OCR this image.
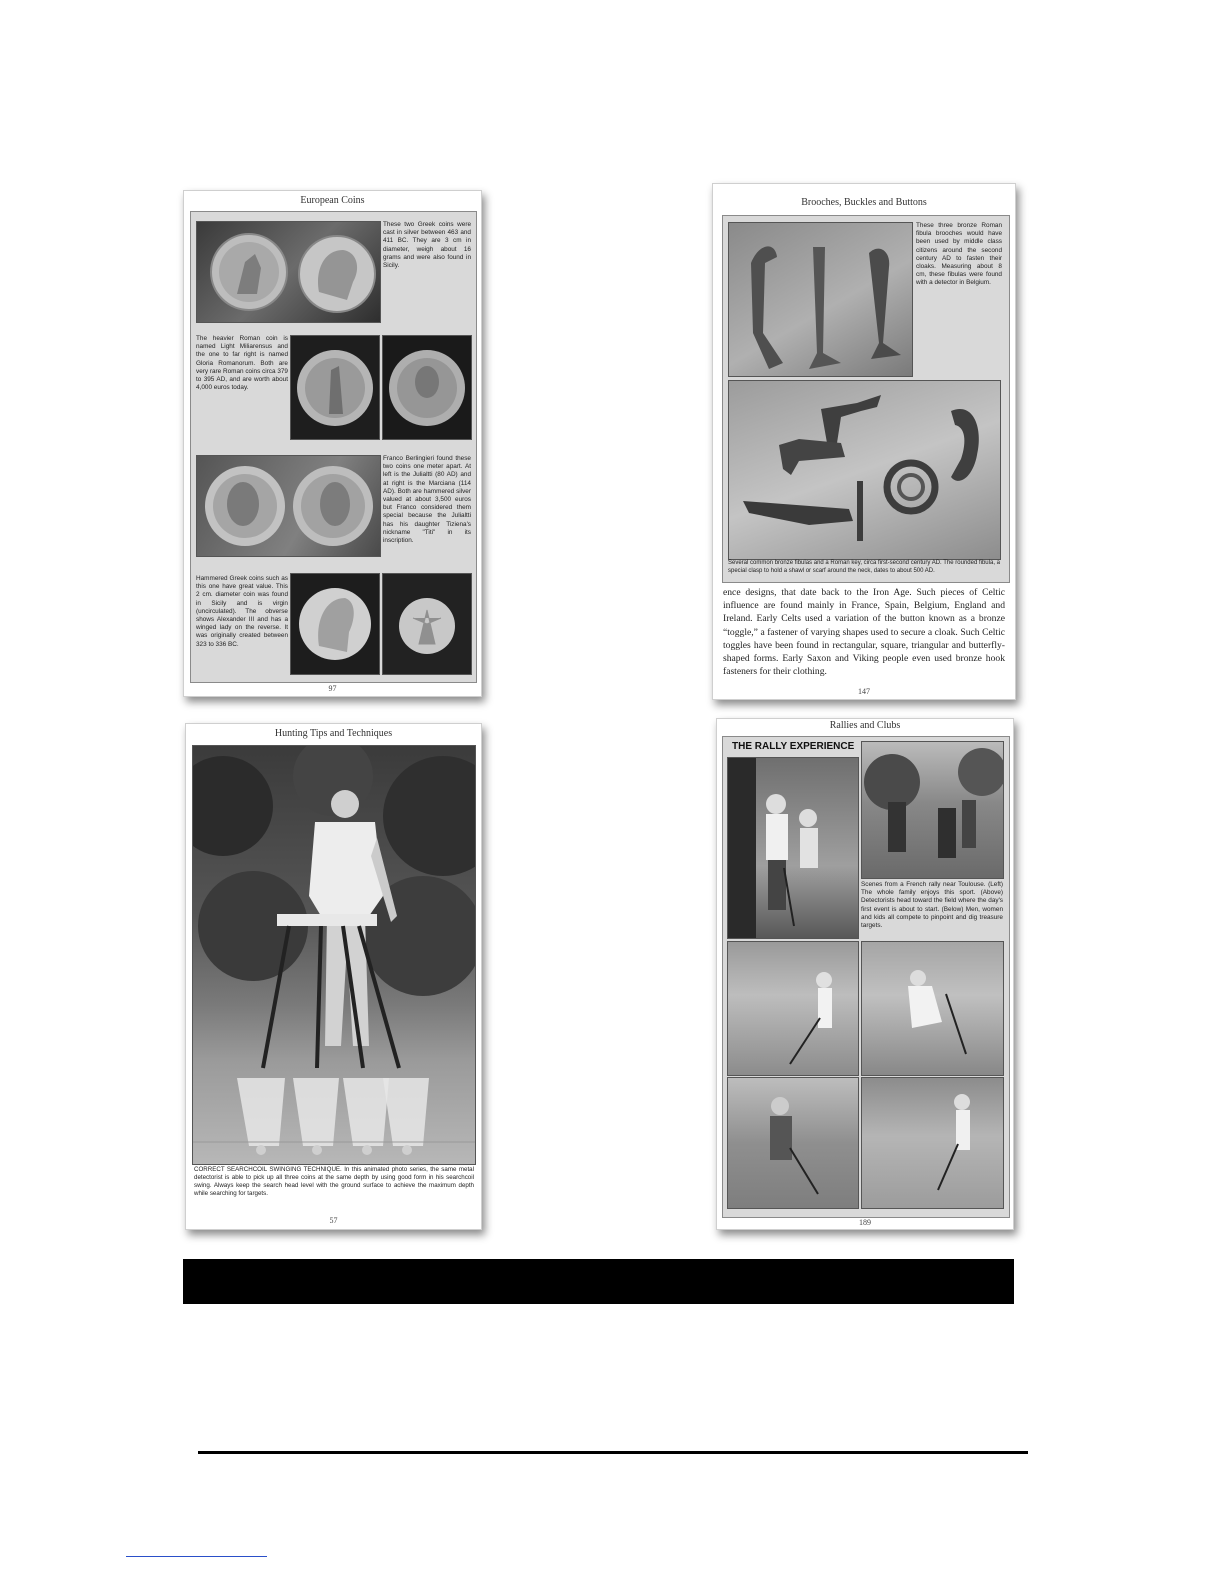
European Coins
These two Greek coins were cast in silver between 463 and 411 BC. They are 3 cm in diameter, weigh about 16 grams and were also found in Sicily.
The heavier Roman coin is named Light Miliarensus and the one to far right is named Gloria Romanorum. Both are very rare Roman coins circa 379 to 395 AD, and are worth about 4,000 euros today.
Franco Berlingieri found these two coins one meter apart. At left is the Julialtti (80 AD) and at right is the Marciana (114 AD). Both are hammered silver valued at about 3,500 euros but Franco considered them special because the Julialtti has his daughter Tiziena's nickname "Titi" in its inscription.
Hammered Greek coins such as this one have great value. This 2 cm. diameter coin was found in Sicily and is virgin (uncirculated). The obverse shows Alexander III and has a winged lady on the reverse. It was originally created between 323 to 336 BC.
97
Brooches, Buckles and Buttons
These three bronze Roman fibula brooches would have been used by middle class citizens around the second century AD to fasten their cloaks. Measuring about 8 cm, these fibulas were found with a detector in Belgium.
Several common bronze fibulas and a Roman key, circa first-second century AD. The rounded fibula, a special clasp to hold a shawl or scarf around the neck, dates to about 500 AD.
ence designs, that date back to the Iron Age. Such pieces of Celtic influence are found mainly in France, Spain, Belgium, England and Ireland. Early Celts used a variation of the button known as a bronze “toggle,” a fastener of varying shapes used to secure a cloak. Such Celtic toggles have been found in rectangular, square, triangular and butterfly-shaped forms. Early Saxon and Viking people even used bronze hook fasteners for their clothing.
147
Hunting Tips and Techniques
CORRECT SEARCHCOIL SWINGING TECHNIQUE. In this animated photo series, the same metal detectorist is able to pick up all three coins at the same depth by using good form in his searchcoil swing. Always keep the search head level with the ground surface to achieve the maximum depth while searching for targets.
57
Rallies and Clubs
THE RALLY EXPERIENCE
Scenes from a French rally near Toulouse. (Left) The whole family enjoys this sport. (Above) Detectorists head toward the field where the day's first event is about to start. (Below) Men, women and kids all compete to pinpoint and dig treasure targets.
189
